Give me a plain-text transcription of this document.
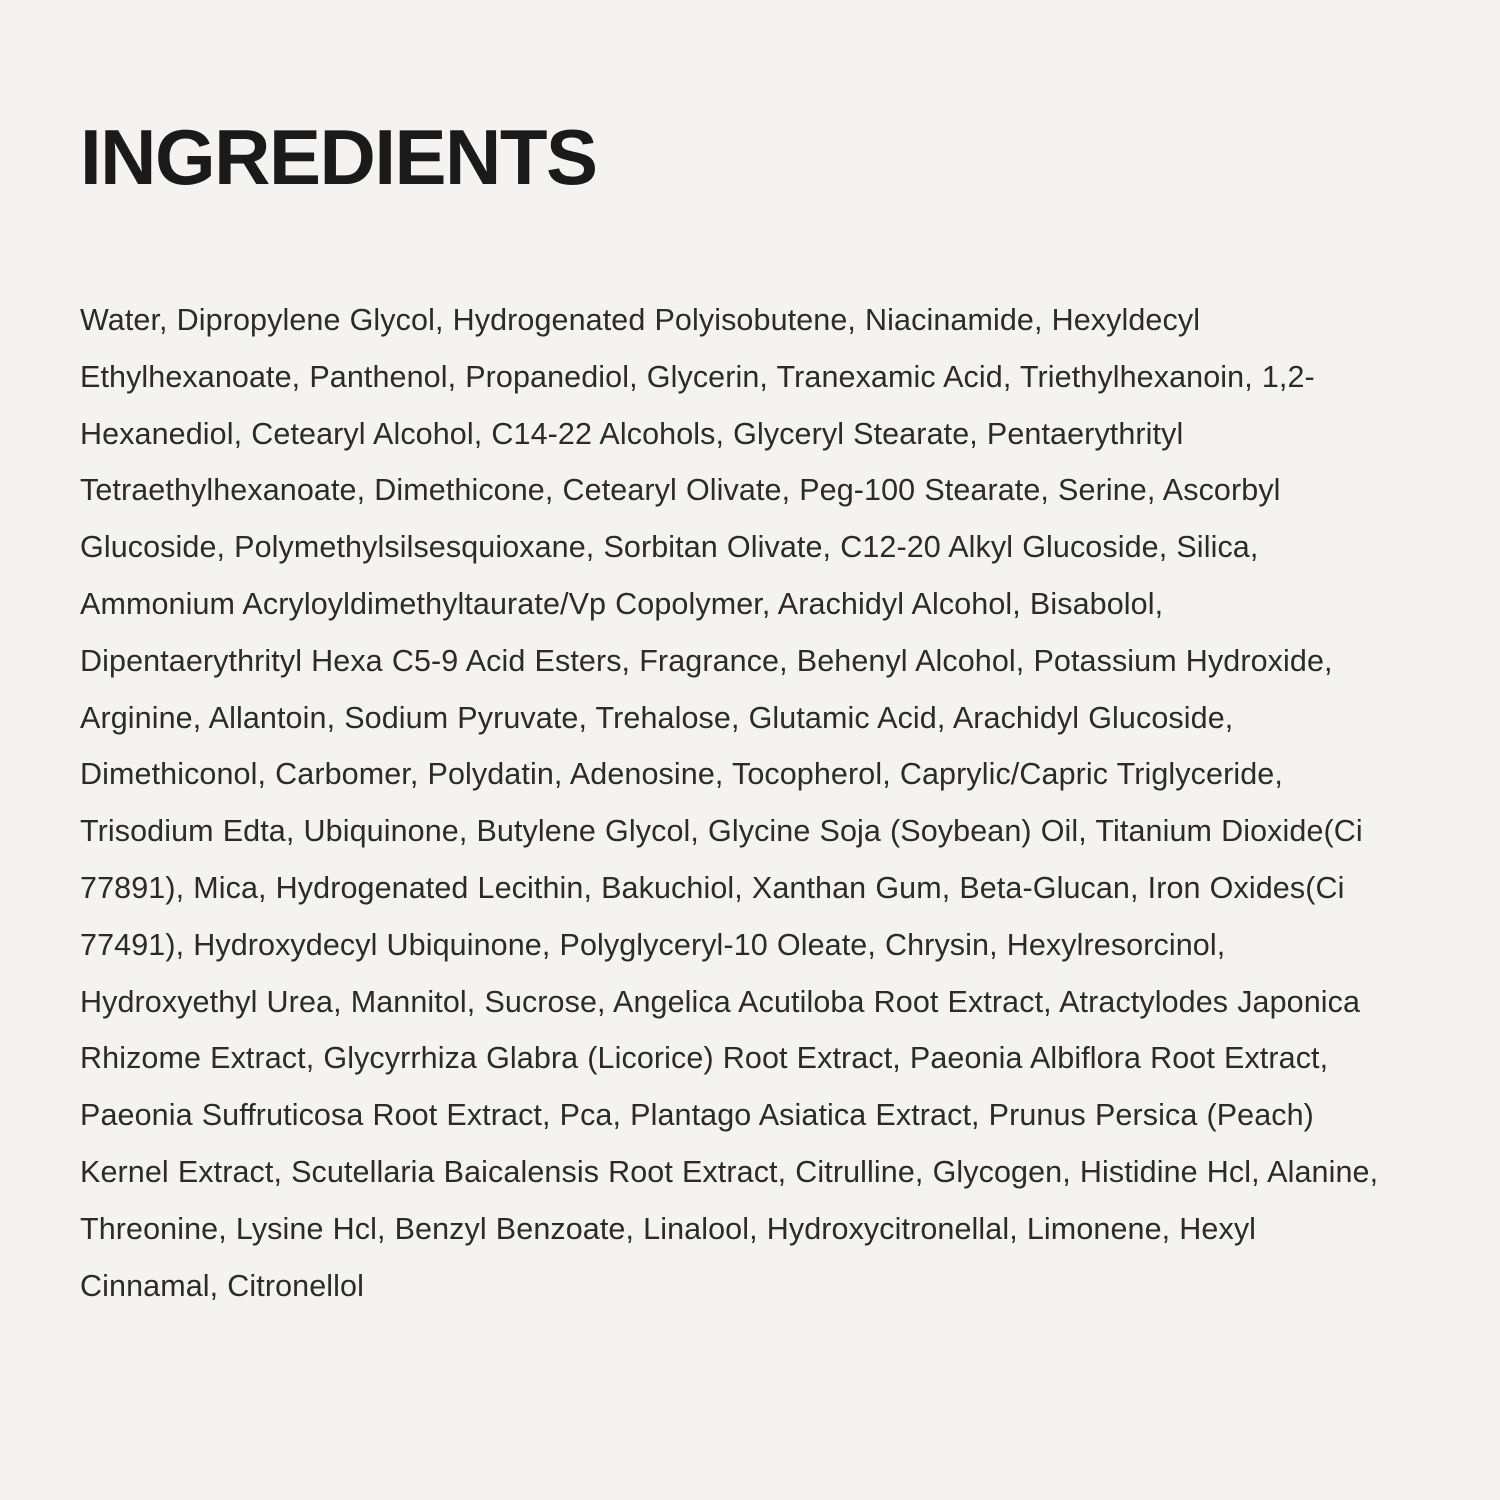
INGREDIENTS
Water, Dipropylene Glycol, Hydrogenated Polyisobutene, Niacinamide, Hexyldecyl Ethylhexanoate, Panthenol, Propanediol, Glycerin, Tranexamic Acid, Triethylhexanoin, 1,2-Hexanediol, Cetearyl Alcohol, C14-22 Alcohols, Glyceryl Stearate, Pentaerythrityl Tetraethylhexanoate, Dimethicone, Cetearyl Olivate, Peg-100 Stearate, Serine, Ascorbyl Glucoside, Polymethylsilsesquioxane, Sorbitan Olivate, C12-20 Alkyl Glucoside, Silica, Ammonium Acryloyldimethyltaurate/Vp Copolymer, Arachidyl Alcohol, Bisabolol, Dipentaerythrityl Hexa C5-9 Acid Esters, Fragrance, Behenyl Alcohol, Potassium Hydroxide, Arginine, Allantoin, Sodium Pyruvate, Trehalose, Glutamic Acid, Arachidyl Glucoside, Dimethiconol, Carbomer, Polydatin, Adenosine, Tocopherol, Caprylic/Capric Triglyceride, Trisodium Edta, Ubiquinone, Butylene Glycol, Glycine Soja (Soybean) Oil, Titanium Dioxide(Ci 77891), Mica, Hydrogenated Lecithin, Bakuchiol, Xanthan Gum, Beta-Glucan, Iron Oxides(Ci 77491), Hydroxydecyl Ubiquinone, Polyglyceryl-10 Oleate, Chrysin, Hexylresorcinol, Hydroxyethyl Urea, Mannitol, Sucrose, Angelica Acutiloba Root Extract, Atractylodes Japonica Rhizome Extract, Glycyrrhiza Glabra (Licorice) Root Extract, Paeonia Albiflora Root Extract, Paeonia Suffruticosa Root Extract, Pca, Plantago Asiatica Extract, Prunus Persica (Peach) Kernel Extract, Scutellaria Baicalensis Root Extract, Citrulline, Glycogen, Histidine Hcl, Alanine, Threonine, Lysine Hcl, Benzyl Benzoate, Linalool, Hydroxycitronellal, Limonene, Hexyl Cinnamal, Citronellol
